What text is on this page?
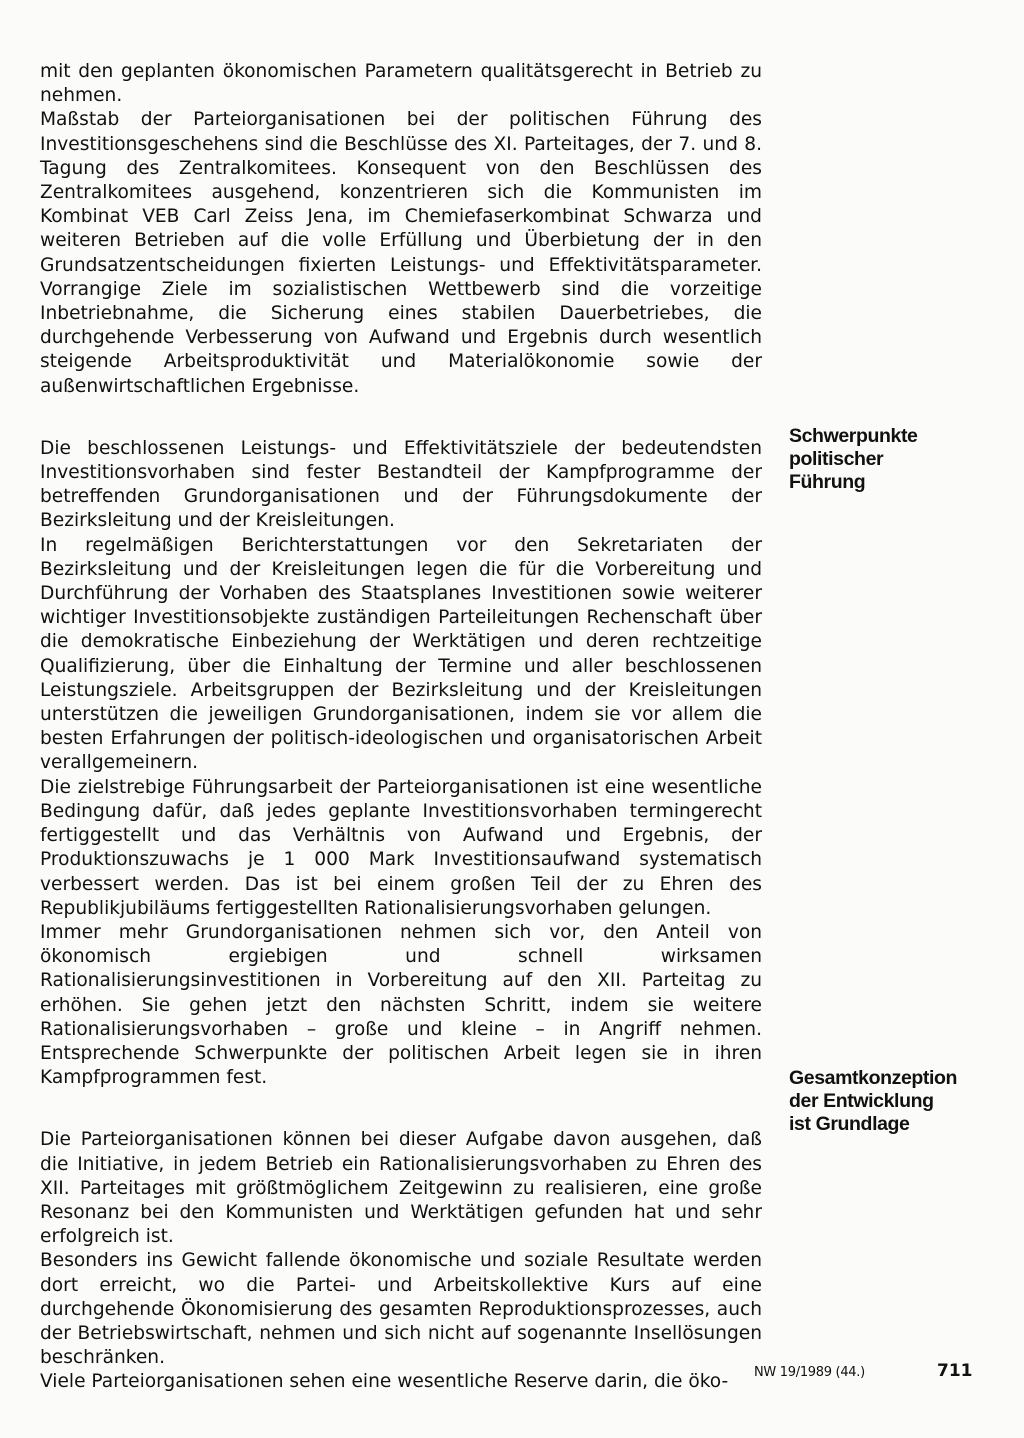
mit den geplanten ökonomischen Parametern qualitätsgerecht in Betrieb zu nehmen.

Maßstab der Parteiorganisationen bei der politischen Führung des Investitionsgeschehens sind die Beschlüsse des XI. Parteitages, der 7. und 8. Tagung des Zentralkomitees. Konsequent von den Beschlüssen des Zentralkomitees ausgehend, konzentrieren sich die Kommunisten im Kombinat VEB Carl Zeiss Jena, im Chemiefaserkombinat Schwarza und weiteren Betrieben auf die volle Erfüllung und Überbietung der in den Grundsatzentscheidungen fixierten Leistungs- und Effektivitätsparameter. Vorrangige Ziele im sozialistischen Wettbewerb sind die vorzeitige Inbetriebnahme, die Sicherung eines stabilen Dauerbetriebes, die durchgehende Verbesserung von Aufwand und Ergebnis durch wesentlich steigende Arbeitsproduktivität und Materialökonomie sowie der außenwirtschaftlichen Ergebnisse.

Die beschlossenen Leistungs- und Effektivitätsziele der bedeutendsten Investitionsvorhaben sind fester Bestandteil der Kampfprogramme der betreffenden Grundorganisationen und der Führungsdokumente der Bezirksleitung und der Kreisleitungen.

In regelmäßigen Berichterstattungen vor den Sekretariaten der Bezirksleitung und der Kreisleitungen legen die für die Vorbereitung und Durchführung der Vorhaben des Staatsplanes Investitionen sowie weiterer wichtiger Investitionsobjekte zuständigen Parteileitungen Rechenschaft über die demokratische Einbeziehung der Werktätigen und deren rechtzeitige Qualifizierung, über die Einhaltung der Termine und aller beschlossenen Leistungsziele. Arbeitsgruppen der Bezirksleitung und der Kreisleitungen unterstützen die jeweiligen Grundorganisationen, indem sie vor allem die besten Erfahrungen der politisch-ideologischen und organisatorischen Arbeit verallgemeinern.

Die zielstrebige Führungsarbeit der Parteiorganisationen ist eine wesentliche Bedingung dafür, daß jedes geplante Investitionsvorhaben termingerecht fertiggestellt und das Verhältnis von Aufwand und Ergebnis, der Produktionszuwachs je 1 000 Mark Investitionsaufwand systematisch verbessert werden. Das ist bei einem großen Teil der zu Ehren des Republikjubiläums fertiggestellten Rationalisierungsvorhaben gelungen.

Immer mehr Grundorganisationen nehmen sich vor, den Anteil von ökonomisch ergiebigen und schnell wirksamen Rationalisierungsinvestitionen in Vorbereitung auf den XII. Parteitag zu erhöhen. Sie gehen jetzt den nächsten Schritt, indem sie weitere Rationalisierungsvorhaben – große und kleine – in Angriff nehmen. Entsprechende Schwerpunkte der politischen Arbeit legen sie in ihren Kampfprogrammen fest.

Die Parteiorganisationen können bei dieser Aufgabe davon ausgehen, daß die Initiative, in jedem Betrieb ein Rationalisierungsvorhaben zu Ehren des XII. Parteitages mit größtmöglichem Zeitgewinn zu realisieren, eine große Resonanz bei den Kommunisten und Werktätigen gefunden hat und sehr erfolgreich ist.

Besonders ins Gewicht fallende ökonomische und soziale Resultate werden dort erreicht, wo die Partei- und Arbeitskollektive Kurs auf eine durchgehende Ökonomisierung des gesamten Reproduktionsprozesses, auch der Betriebswirtschaft, nehmen und sich nicht auf sogenannte Insellösungen beschränken.

Viele Parteiorganisationen sehen eine wesentliche Reserve darin, die öko-

Schwerpunkte
politischer
Führung
Gesamtkonzeption
der Entwicklung
ist Grundlage
NW 19/1989 (44.)	711
